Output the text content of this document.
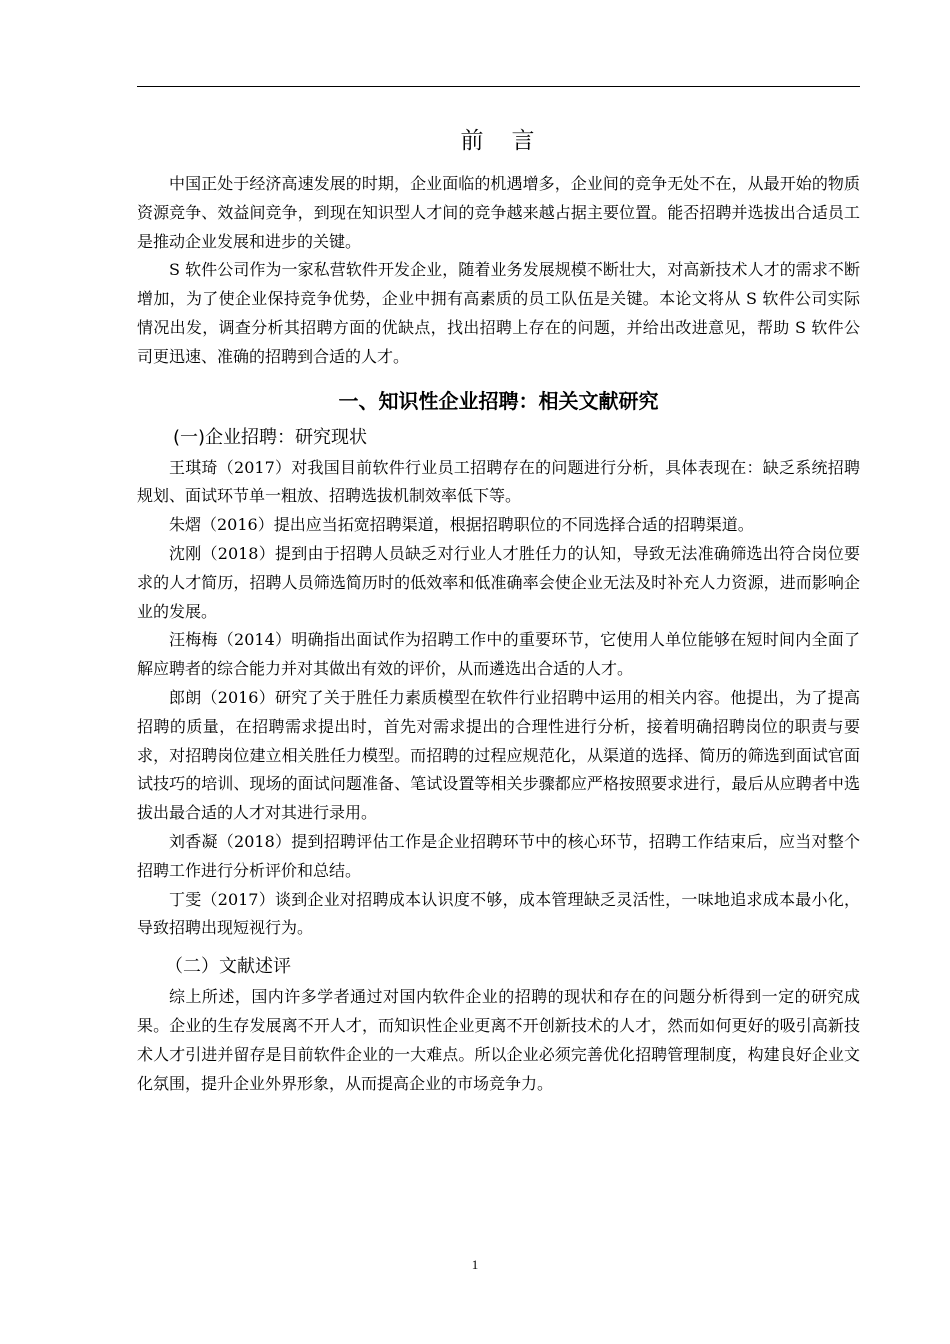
前言

中国正处于经济高速发展的时期，企业面临的机遇增多，企业间的竞争无处不在，从最开始的物质资源竞争、效益间竞争，到现在知识型人才间的竞争越来越占据主要位置。能否招聘并选拔出合适员工是推动企业发展和进步的关键。

S 软件公司作为一家私营软件开发企业，随着业务发展规模不断壮大，对高新技术人才的需求不断增加，为了使企业保持竞争优势，企业中拥有高素质的员工队伍是关键。本论文将从 S 软件公司实际情况出发，调查分析其招聘方面的优缺点，找出招聘上存在的问题，并给出改进意见，帮助 S 软件公司更迅速、准确的招聘到合适的人才。

一、知识性企业招聘：相关文献研究
(一)企业招聘：研究现状

王琪琦（2017）对我国目前软件行业员工招聘存在的问题进行分析，具体表现在：缺乏系统招聘规划、面试环节单一粗放、招聘选拔机制效率低下等。

朱熠（2016）提出应当拓宽招聘渠道，根据招聘职位的不同选择合适的招聘渠道。

沈刚（2018）提到由于招聘人员缺乏对行业人才胜任力的认知，导致无法准确筛选出符合岗位要求的人才简历，招聘人员筛选简历时的低效率和低准确率会使企业无法及时补充人力资源，进而影响企业的发展。

汪梅梅（2014）明确指出面试作为招聘工作中的重要环节，它使用人单位能够在短时间内全面了解应聘者的综合能力并对其做出有效的评价，从而遴选出合适的人才。

郎朗（2016）研究了关于胜任力素质模型在软件行业招聘中运用的相关内容。他提出，为了提高招聘的质量，在招聘需求提出时，首先对需求提出的合理性进行分析，接着明确招聘岗位的职责与要求，对招聘岗位建立相关胜任力模型。而招聘的过程应规范化，从渠道的选择、简历的筛选到面试官面试技巧的培训、现场的面试问题准备、笔试设置等相关步骤都应严格按照要求进行，最后从应聘者中选拔出最合适的人才对其进行录用。

刘香凝（2018）提到招聘评估工作是企业招聘环节中的核心环节，招聘工作结束后，应当对整个招聘工作进行分析评价和总结。

丁雯（2017）谈到企业对招聘成本认识度不够，成本管理缺乏灵活性，一味地追求成本最小化，导致招聘出现短视行为。

（二）文献述评

综上所述，国内许多学者通过对国内软件企业的招聘的现状和存在的问题分析得到一定的研究成果。企业的生存发展离不开人才，而知识性企业更离不开创新技术的人才，然而如何更好的吸引高新技术人才引进并留存是目前软件企业的一大难点。所以企业必须完善优化招聘管理制度，构建良好企业文化氛围，提升企业外界形象，从而提高企业的市场竞争力。

1
